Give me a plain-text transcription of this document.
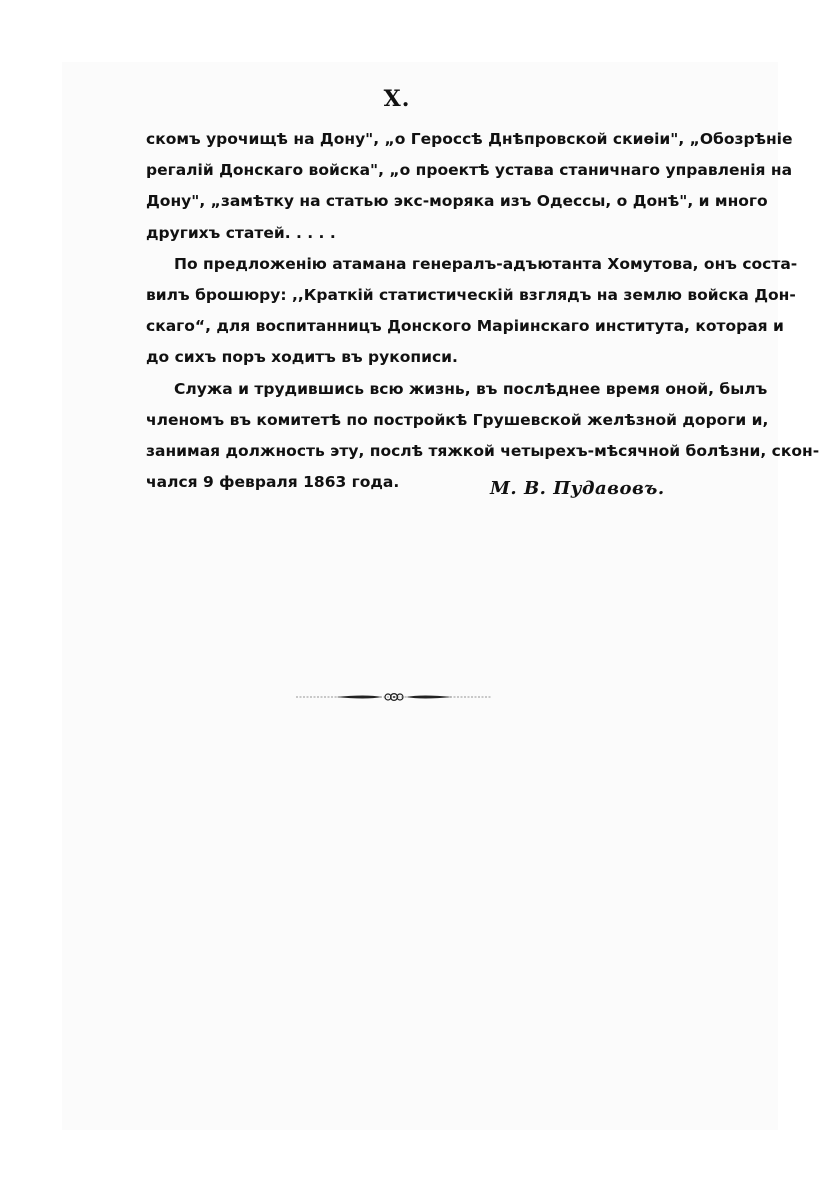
X.
скомъ урочищѣ на Дону", „о Героссѣ Днѣпровской скиѳіи", „Обозрѣніе
регалій Донскаго войска", „о проектѣ устава станичнаго управленія на
Дону", „замѣтку на статью экс-моряка изъ Одессы, о Донѣ", и много
другихъ статей. . . . .
По предложенію атамана генералъ-адъютанта Хомутова, онъ соста-
вилъ брошюру: ,,Краткій статистическій взглядъ на землю войска Дон-
скаго“, для воспитанницъ Донского Маріинскаго института, которая и
до сихъ поръ ходитъ въ рукописи.
Служа и трудившись всю жизнь, въ послѣднее время оной, былъ
членомъ въ комитетѣ по постройкѣ Грушевской желѣзной дороги и,
занимая должность эту, послѣ тяжкой четырехъ-мѣсячной болѣзни, скон-
чался 9 февраля 1863 года.	М. В. Пудавовъ.
